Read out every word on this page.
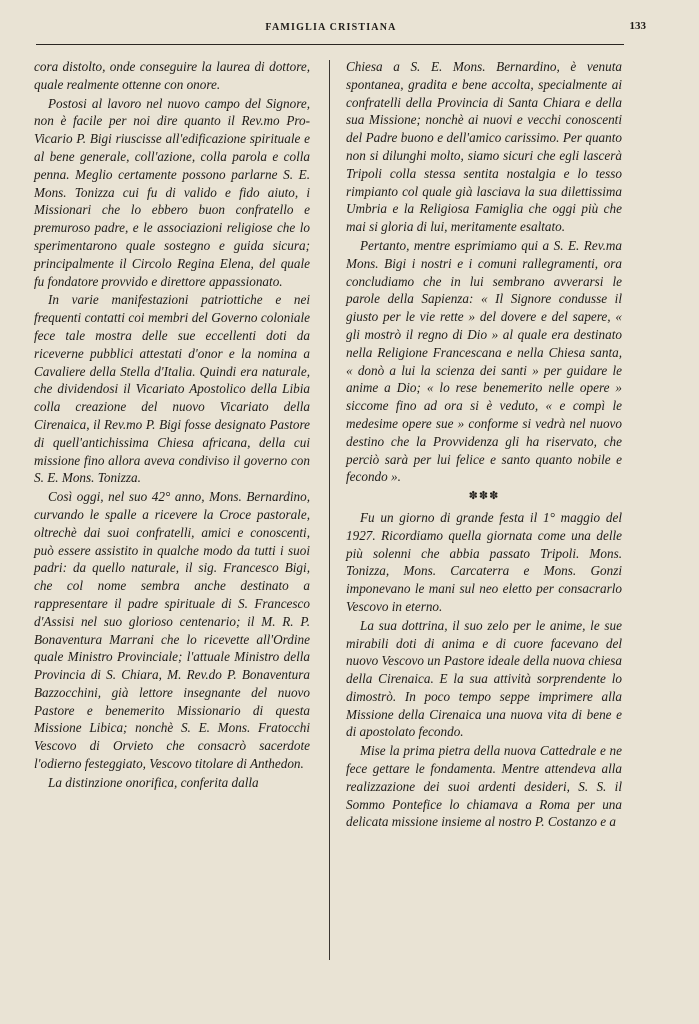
FAMIGLIA CRISTIANA	133

cora distolto, onde conseguire la laurea di dottore, quale realmente ottenne con onore.

Postosi al lavoro nel nuovo campo del Signore, non è facile per noi dire quanto il Rev.mo Pro-Vicario P. Bigi riuscisse all'edificazione spirituale e al bene generale, coll'azione, colla parola e colla penna. Meglio certamente possono parlarne S. E. Mons. Tonizza cui fu di valido e fido aiuto, i Missionari che lo ebbero buon confratello e premuroso padre, e le associazioni religiose che lo sperimentarono quale sostegno e guida sicura; principalmente il Circolo Regina Elena, del quale fu fondatore provvido e direttore appassionato.

In varie manifestazioni patriottiche e nei frequenti contatti coi membri del Governo coloniale fece tale mostra delle sue eccellenti doti da riceverne pubblici attestati d'onor e la nomina a Cavaliere della Stella d'Italia. Quindi era naturale, che dividendosi il Vicariato Apostolico della Libia colla creazione del nuovo Vicariato della Cirenaica, il Rev.mo P. Bigi fosse designato Pastore di quell'antichissima Chiesa africana, della cui missione fino allora aveva condiviso il governo con S. E. Mons. Tonizza.

Così oggi, nel suo 42° anno, Mons. Bernardino, curvando le spalle a ricevere la Croce pastorale, oltrechè dai suoi confratelli, amici e conoscenti, può essere assistito in qualche modo da tutti i suoi padri: da quello naturale, il sig. Francesco Bigi, che col nome sembra anche destinato a rappresentare il padre spirituale di S. Francesco d'Assisi nel suo glorioso centenario; il M. R. P. Bonaventura Marrani che lo ricevette all'Ordine quale Ministro Provinciale; l'attuale Ministro della Provincia di S. Chiara, M. Rev.do P. Bonaventura Bazzocchini, già lettore insegnante del nuovo Pastore e benemerito Missionario di questa Missione Libica; nonchè S. E. Mons. Fratocchi Vescovo di Orvieto che consacrò sacerdote l'odierno festeggiato, Vescovo titolare di Anthedon.

La distinzione onorifica, conferita dalla

Chiesa a S. E. Mons. Bernardino, è venuta spontanea, gradita e bene accolta, specialmente ai confratelli della Provincia di Santa Chiara e della sua Missione; nonchè ai nuovi e vecchi conoscenti del Padre buono e dell'amico carissimo. Per quanto non si dilunghi molto, siamo sicuri che egli lascerà Tripoli colla stessa sentita nostalgia e lo tesso rimpianto col quale già lasciava la sua dilettissima Umbria e la Religiosa Famiglia che oggi più che mai si gloria di lui, meritamente esaltato.

Pertanto, mentre esprimiamo qui a S. E. Rev.ma Mons. Bigi i nostri e i comuni rallegramenti, ora concludiamo che in lui sembrano avverarsi le parole della Sapienza: « Il Signore condusse il giusto per le vie rette » del dovere e del sapere, « gli mostrò il regno di Dio » al quale era destinato nella Religione Francescana e nella Chiesa santa, « donò a lui la scienza dei santi » per guidare le anime a Dio; « lo rese benemerito nelle opere » siccome fino ad ora si è veduto, « e compì le medesime opere sue » conforme si vedrà nel nuovo destino che la Provvidenza gli ha riservato, che perciò sarà per lui felice e santo quanto nobile e fecondo ».

✽✽✽

Fu un giorno di grande festa il 1° maggio del 1927. Ricordiamo quella giornata come una delle più solenni che abbia passato Tripoli. Mons. Tonizza, Mons. Carcaterra e Mons. Gonzi imponevano le mani sul neo eletto per consacrarlo Vescovo in eterno.

La sua dottrina, il suo zelo per le anime, le sue mirabili doti di anima e di cuore facevano del nuovo Vescovo un Pastore ideale della nuova chiesa della Cirenaica. E la sua attività sorprendente lo dimostrò. In poco tempo seppe imprimere alla Missione della Cirenaica una nuova vita di bene e di apostolato fecondo.

Mise la prima pietra della nuova Cattedrale e ne fece gettare le fondamenta. Mentre attendeva alla realizzazione dei suoi ardenti desideri, S. S. il Sommo Pontefice lo chiamava a Roma per una delicata missione insieme al nostro P. Costanzo e a
